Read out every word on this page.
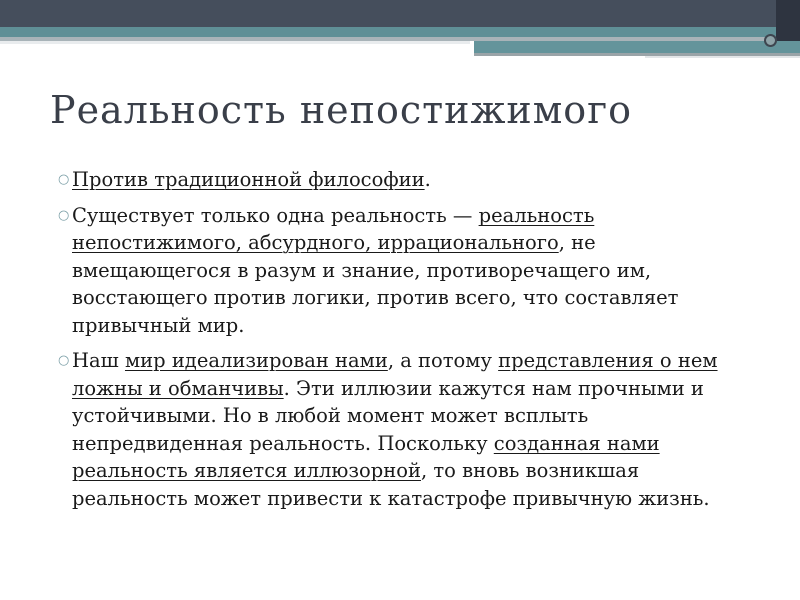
Реальность непостижимого
○ Против традиционной философии.
○ Существует только одна реальность — реальность непостижимого, абсурдного, иррационального, не вмещающегося в разум и знание, противоречащего им, восстающего против логики, против всего, что составляет привычный мир.
○ Наш мир идеализирован нами, а потому представления о нем ложны и обманчивы. Эти иллюзии кажутся нам прочными и устойчивыми. Но в любой момент может всплыть непредвиденная реальность. Поскольку созданная нами реальность является иллюзорной, то вновь возникшая реальность может привести к катастрофе привычную жизнь.
